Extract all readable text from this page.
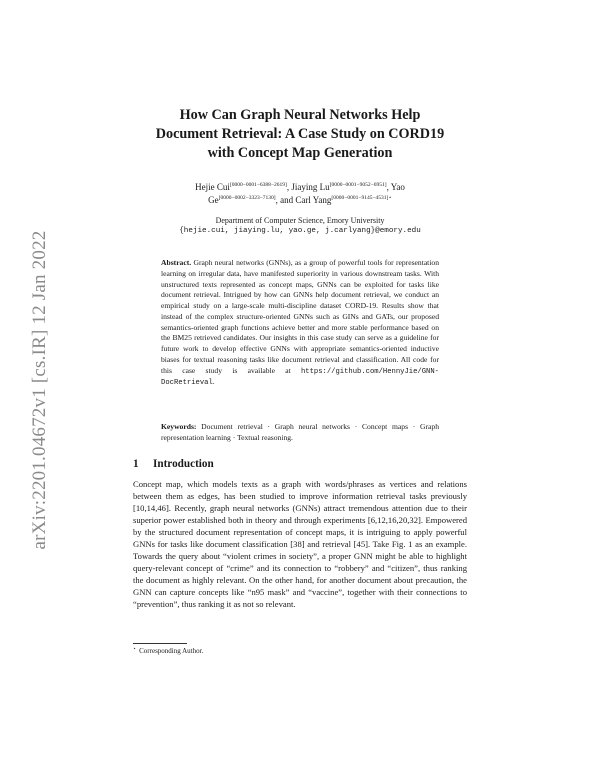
arXiv:2201.04672v1 [cs.IR] 12 Jan 2022
How Can Graph Neural Networks Help
Document Retrieval: A Case Study on CORD19
with Concept Map Generation
Hejie Cui[0000−0001−6388−2619], Jiaying Lu[0000−0001−9052−6951], Yao
Ge[0000−0002−3323−7130], and Carl Yang$^{[0000-0001-9145-4531]⋆}$
Department of Computer Science, Emory University
{hejie.cui, jiaying.lu, yao.ge, j.carlyang}@emory.edu
Abstract. Graph neural networks (GNNs), as a group of powerful tools for representation learning on irregular data, have manifested superiority in various downstream tasks. With unstructured texts represented as concept maps, GNNs can be exploited for tasks like document retrieval. Intrigued by how can GNNs help document retrieval, we conduct an empirical study on a large-scale multi-discipline dataset CORD-19. Results show that instead of the complex structure-oriented GNNs such as GINs and GATs, our proposed semantics-oriented graph functions achieve better and more stable performance based on the BM25 retrieved candidates. Our insights in this case study can serve as a guideline for future work to develop effective GNNs with appropriate semantics-oriented inductive biases for textual reasoning tasks like document retrieval and classification. All code for this case study is available at https://github.com/HennyJie/GNN-DocRetrieval.
Keywords: Document retrieval · Graph neural networks · Concept maps · Graph representation learning · Textual reasoning.
1 Introduction
Concept map, which models texts as a graph with words/phrases as vertices and relations between them as edges, has been studied to improve information retrieval tasks previously [10,14,46]. Recently, graph neural networks (GNNs) attract tremendous attention due to their superior power established both in theory and through experiments [6,12,16,20,32]. Empowered by the structured document representation of concept maps, it is intriguing to apply powerful GNNs for tasks like document classification [38] and retrieval [45]. Take Fig. 1 as an example. Towards the query about “violent crimes in society”, a proper GNN might be able to highlight query-relevant concept of “crime” and its connection to “robbery” and “citizen”, thus ranking the document as highly relevant. On the other hand, for another document about precaution, the GNN can capture concepts like “n95 mask” and “vaccine”, together with their connections to “prevention”, thus ranking it as not so relevant.
⋆ Corresponding Author.
